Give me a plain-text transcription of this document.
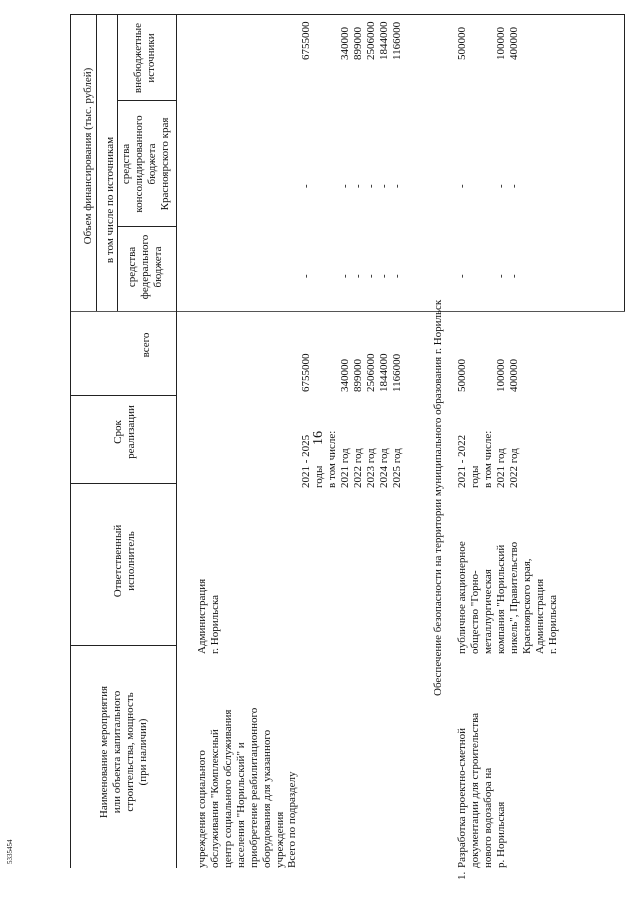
5335454
16
Наименование мероприятия
или объекта капитального
строительства, мощность
(при наличии)
Ответственный
исполнитель
Срок
реализации
Объем финансирования (тыс. рублей)
всего
в том числе по источникам
средства
федерального
бюджета
средства
консолидированного
бюджета
Красноярского края
внебюджетные
источники
учреждения социального
обслуживания "Комплексный
центр социального обслуживания
населения "Норильский" и
приобретение реабилитационного
оборудования для указанного
учреждения
Администрация
г. Норильска
Всего по подразделу
2021 - 2025
годы
в том числе:
2021 год
2022 год
2023 год
2024 год
2025 год
6755000

340000
899000
2506000
1844000
1166000
-

-
-
-
-
-
-

-
-
-
-
-
6755000

340000
899000
2506000
1844000
1166000
Обеспечение безопасности на территории муниципального образования г. Норильск
1.
Разработка проектно-сметной
документации для строительства
нового водозабора на
р. Норильская
публичное акционерное
общество "Горно-
металлургическая
компания "Норильский
никель", Правительство
Красноярского края,
Администрация
г. Норильска
2021 - 2022
годы
в том числе:
2021 год
2022 год
500000

100000
400000
-

-
-
-

-
-
500000

100000
400000
